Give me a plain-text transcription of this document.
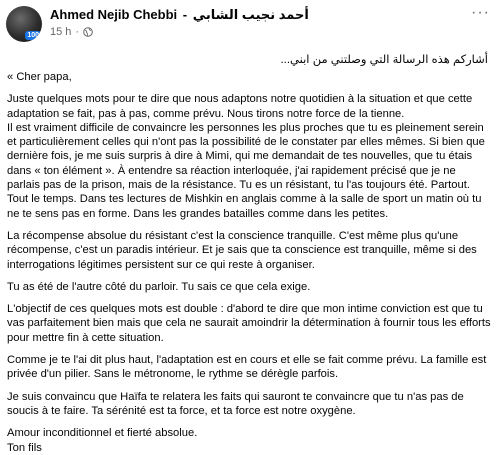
100
Ahmed Nejib Chebbi - أحمد نجيب الشابي
15 h ·
···
أشاركم هذه الرسالة التي وصلتني من ابني...

« Cher papa,

Juste quelques mots pour te dire que nous adaptons notre quotidien à la situation et que cette adaptation se fait, pas à pas, comme prévu. Nous tirons notre force de la tienne.

Il est vraiment difficile de convaincre les personnes les plus proches que tu es pleinement serein et particulièrement celles qui n'ont pas la possibilité de le constater par elles mêmes. Si bien que dernière fois, je me suis surpris à dire à Mimi, qui me demandait de tes nouvelles, que tu étais dans « ton élément ». À entendre sa réaction interloquée, j'ai rapidement précisé que je ne parlais pas de la prison, mais de la résistance. Tu es un résistant, tu l'as toujours été. Partout. Tout le temps. Dans tes lectures de Mishkin en anglais comme à la salle de sport un matin où tu ne te sens pas en forme. Dans les grandes batailles comme dans les petites.

La récompense absolue du résistant c'est la conscience tranquille. C'est même plus qu'une récompense, c'est un paradis intérieur. Et je sais que ta conscience est tranquille, même si des interrogations légitimes persistent sur ce qui reste à organiser.

Tu as été de l'autre côté du parloir. Tu sais ce que cela exige.

L'objectif de ces quelques mots est double : d'abord te dire que mon intime conviction est que tu vas parfaitement bien mais que cela ne saurait amoindrir la détermination à fournir tous les efforts pour mettre fin à cette situation.

Comme je te l'ai dit plus haut, l'adaptation est en cours et elle se fait comme prévu. La famille est privée d'un pilier. Sans le métronome, le rythme se dérègle parfois.

Je suis convaincu que Haïfa te relatera les faits qui sauront te convaincre que tu n'as pas de soucis à te faire. Ta sérénité est ta force, et ta force est notre oxygène.

Amour inconditionnel et fierté absolue.

Ton fils
